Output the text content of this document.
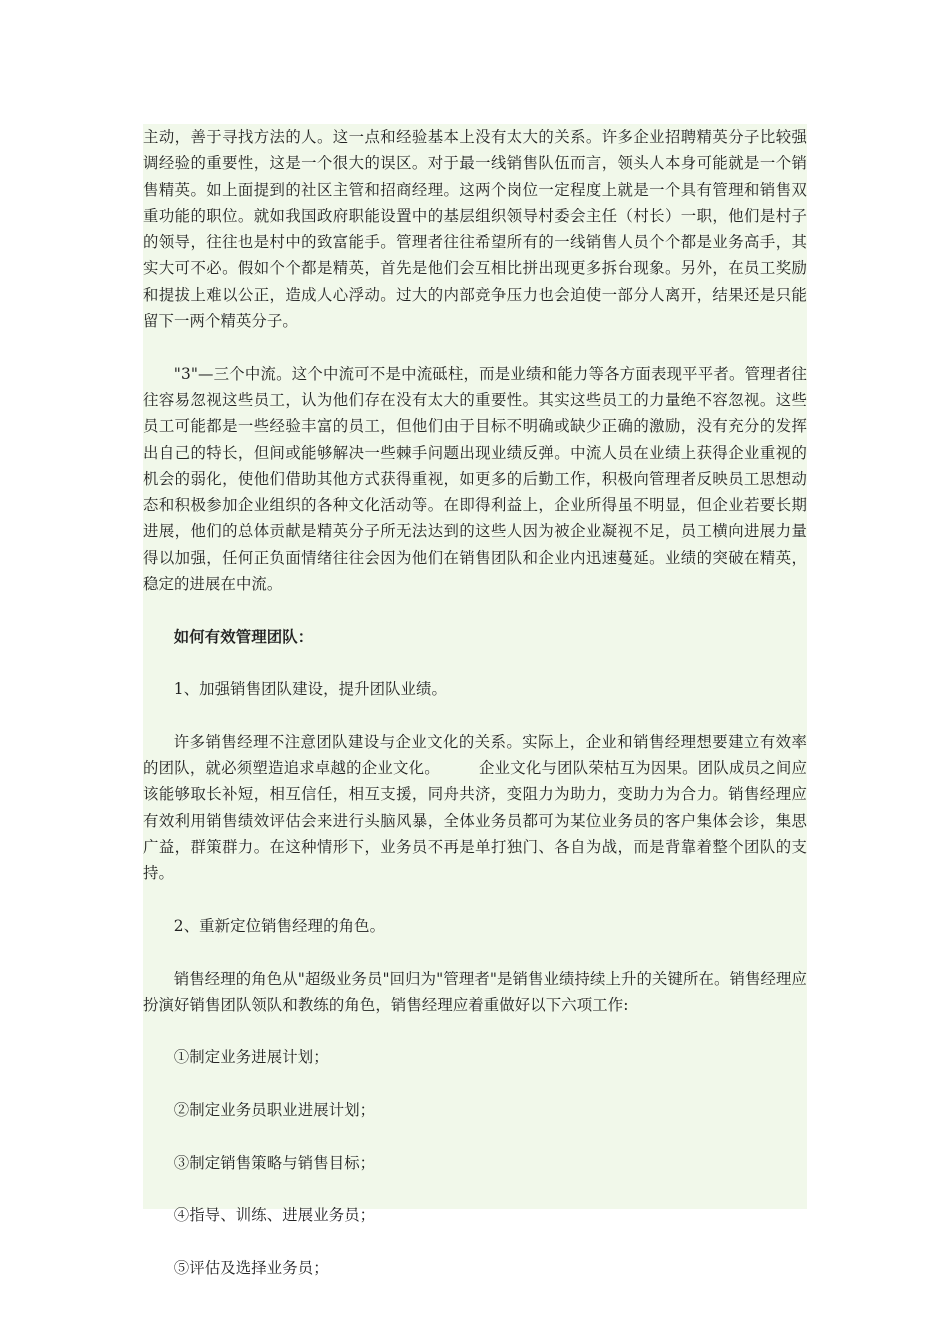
主动，善于寻找方法的人。这一点和经验基本上没有太大的关系。许多企业招聘精英分子比较强调经验的重要性，这是一个很大的误区。对于最一线销售队伍而言，领头人本身可能就是一个销售精英。如上面提到的社区主管和招商经理。这两个岗位一定程度上就是一个具有管理和销售双重功能的职位。就如我国政府职能设置中的基层组织领导村委会主任（村长）一职，他们是村子的领导，往往也是村中的致富能手。管理者往往希望所有的一线销售人员个个都是业务高手，其实大可不必。假如个个都是精英，首先是他们会互相比拼出现更多拆台现象。另外，在员工奖励和提拔上难以公正，造成人心浮动。过大的内部竞争压力也会迫使一部分人离开，结果还是只能留下一两个精英分子。

"3"—三个中流。这个中流可不是中流砥柱，而是业绩和能力等各方面表现平平者。管理者往往容易忽视这些员工，认为他们存在没有太大的重要性。其实这些员工的力量绝不容忽视。这些员工可能都是一些经验丰富的员工，但他们由于目标不明确或缺少正确的激励，没有充分的发挥出自己的特长，但间或能够解决一些棘手问题出现业绩反弹。中流人员在业绩上获得企业重视的机会的弱化，使他们借助其他方式获得重视，如更多的后勤工作，积极向管理者反映员工思想动态和积极参加企业组织的各种文化活动等。在即得利益上，企业所得虽不明显，但企业若要长期进展，他们的总体贡献是精英分子所无法达到的这些人因为被企业凝视不足，员工横向进展力量得以加强，任何正负面情绪往往会因为他们在销售团队和企业内迅速蔓延。业绩的突破在精英，稳定的进展在中流。

如何有效管理团队：

1、加强销售团队建设，提升团队业绩。

许多销售经理不注意团队建设与企业文化的关系。实际上，企业和销售经理想要建立有效率的团队，就必须塑造追求卓越的企业文化。　　　企业文化与团队荣枯互为因果。团队成员之间应该能够取长补短，相互信任，相互支援，同舟共济，变阻力为助力，变助力为合力。销售经理应有效利用销售绩效评估会来进行头脑风暴，全体业务员都可为某位业务员的客户集体会诊，集思广益，群策群力。在这种情形下，业务员不再是单打独门、各自为战，而是背靠着整个团队的支持。

2、重新定位销售经理的角色。

销售经理的角色从"超级业务员"回归为"管理者"是销售业绩持续上升的关键所在。销售经理应扮演好销售团队领队和教练的角色，销售经理应着重做好以下六项工作:

①制定业务进展计划；

②制定业务员职业进展计划；

③制定销售策略与销售目标；

④指导、训练、进展业务员；

⑤评估及选择业务员；
